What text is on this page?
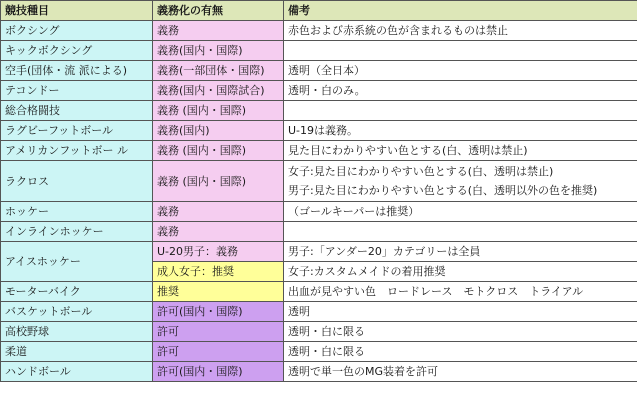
競技種目	義務化の有無	備考
ボクシング	義務	赤色および赤系統の色が含まれるものは禁止
キックボクシング	義務(国内・国際)	
空手(団体・流 派による)	義務(一部団体・国際)	透明（全日本）
テコンドー	義務(国内・国際試合)	透明・白のみ。
総合格闘技	義務 (国内・国際)	
ラグビーフットボール	義務(国内)	U-19は義務。
アメリカンフットボー ル	義務 (国内・国際)	見た目にわかりやすい色とする(白、透明は禁止)
ラクロス	義務 (国内・国際)	女子:見た目にわかりやすい色とする(白、透明は禁止)
男子:見た目にわかりやすい色とする(白、透明以外の色を推奨)

ホッケー	義務	（ゴールキーパーは推奨）
インラインホッケー	義務	
アイスホッケー	U-20男子：義務	男子:「アンダー20」カテゴリーは全員
	成人女子：推奨	女子:カスタムメイドの着用推奨
モーターバイク	推奨	出血が見やすい色　ロードレース　モトクロス　トライアル
バスケットボール	許可(国内・国際)	透明
高校野球	許可	透明・白に限る
柔道	許可	透明・白に限る
ハンドボール	許可(国内・国際)	透明で単一色のMG装着を許可
